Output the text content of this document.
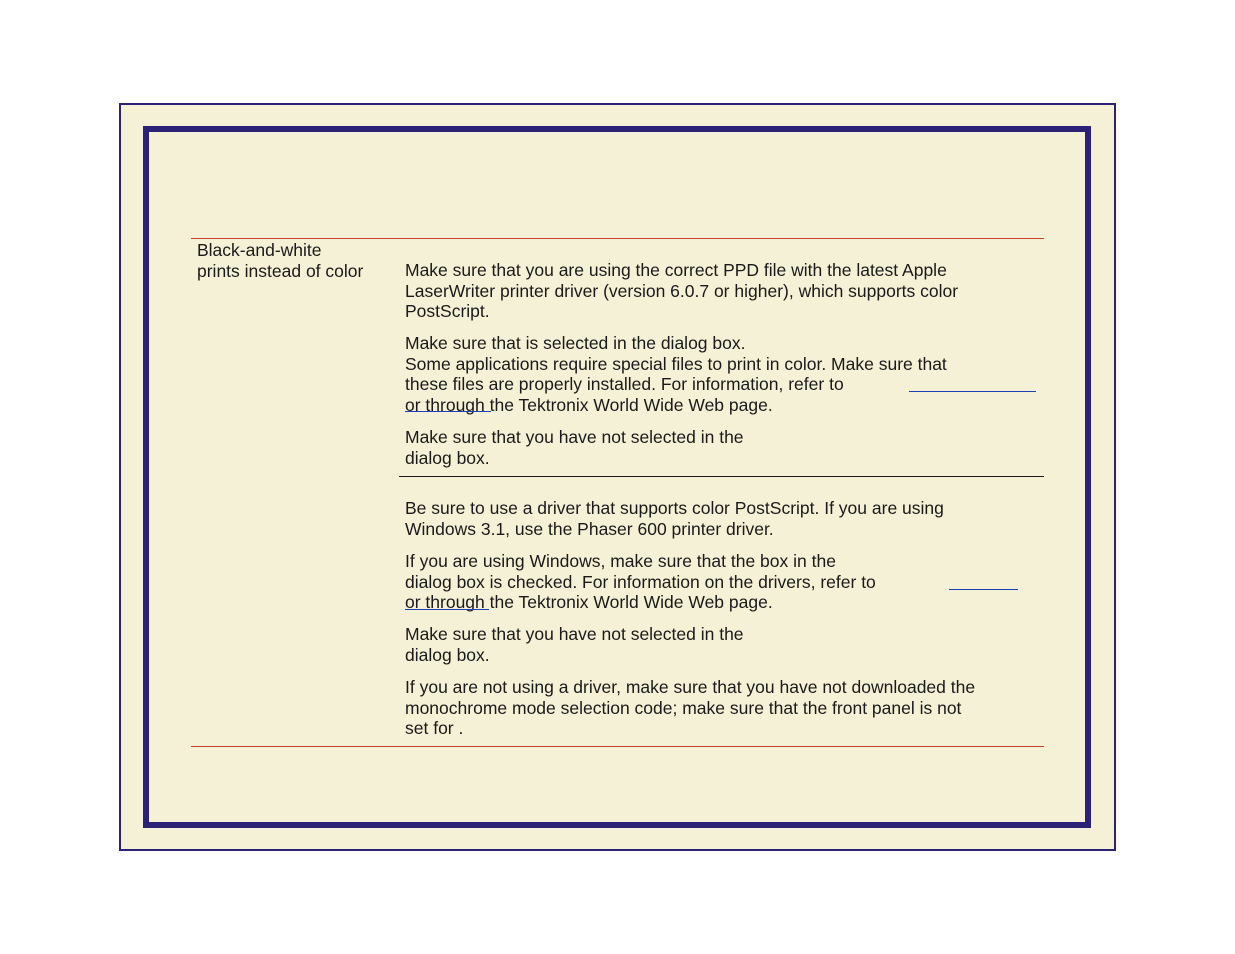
Black-and-white
prints instead of color	Make sure that you are using the correct PPD file with the latest Apple
LaserWriter printer driver (version 6.0.7 or higher), which supports color
PostScript.
Make sure that is selected in the dialog box.
Some applications require special files to print in color. Make sure that
these files are properly installed. For information, refer to
or through the Tektronix World Wide Web page.
Make sure that you have not selected in the
dialog box.
Be sure to use a driver that supports color PostScript. If you are using
Windows 3.1, use the Phaser 600 printer driver.
If you are using Windows, make sure that the box in the
dialog box is checked. For information on the drivers, refer to
or through the Tektronix World Wide Web page.
Make sure that you have not selected in the
dialog box.
If you are not using a driver, make sure that you have not downloaded the
monochrome mode selection code; make sure that the front panel is not
set for .
